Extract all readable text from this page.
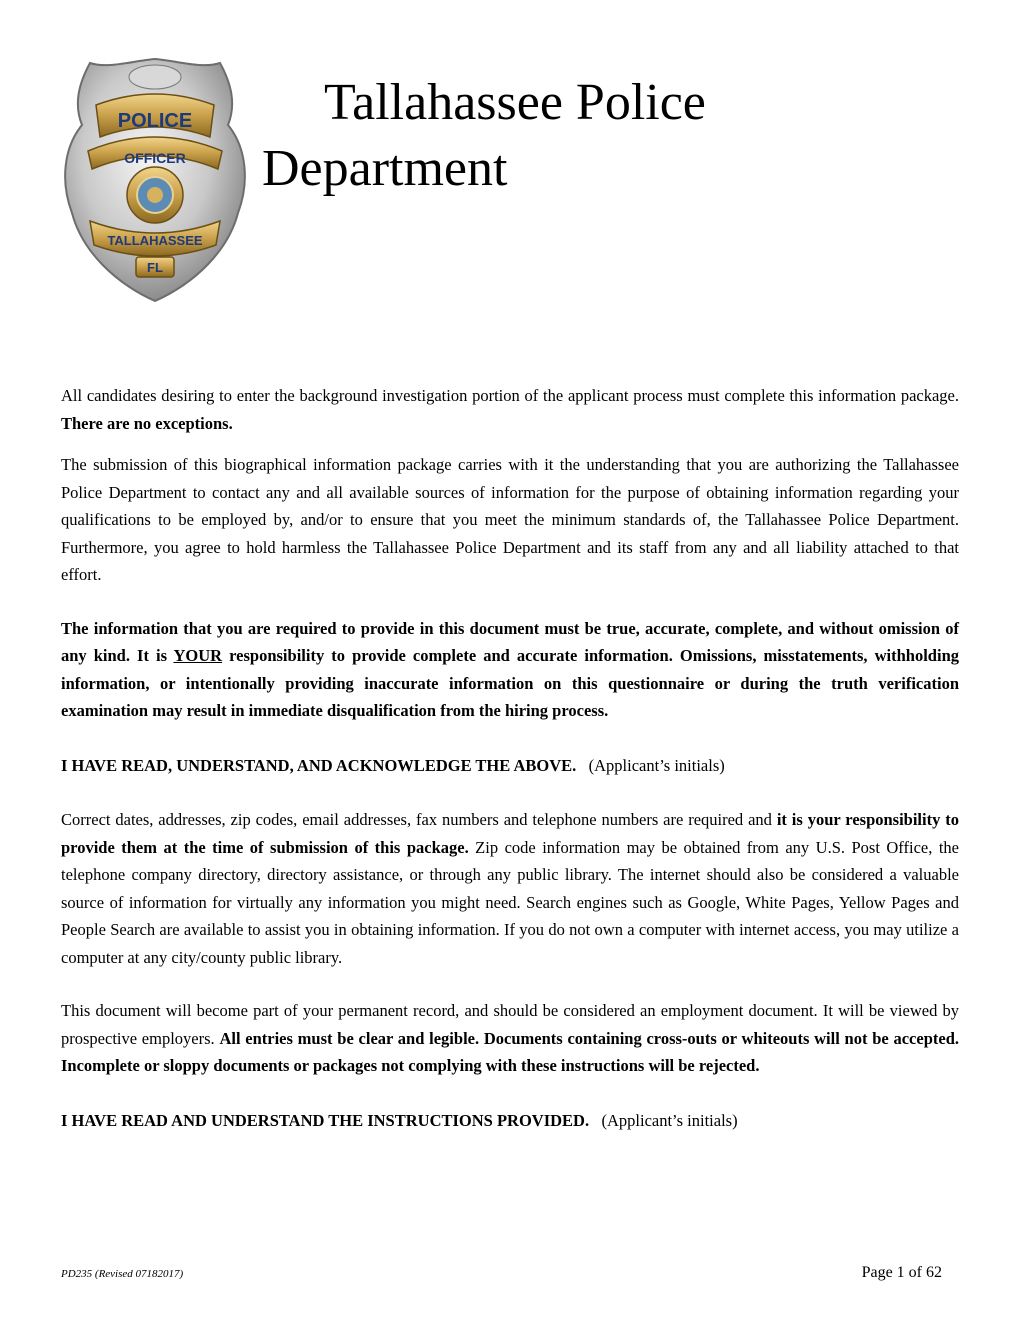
POLICE
OFFICER
TALLAHASSEE
FL
Tallahassee Police
Department

All candidates desiring to enter the background investigation portion of the applicant process must complete this information package. There are no exceptions.

The submission of this biographical information package carries with it the understanding that you are authorizing the Tallahassee Police Department to contact any and all available sources of information for the purpose of obtaining information regarding your qualifications to be employed by, and/or to ensure that you meet the minimum standards of, the Tallahassee Police Department. Furthermore, you agree to hold harmless the Tallahassee Police Department and its staff from any and all liability attached to that effort.

The information that you are required to provide in this document must be true, accurate, complete, and without omission of any kind. It is YOUR responsibility to provide complete and accurate information. Omissions, misstatements, withholding information, or intentionally providing inaccurate information on this questionnaire or during the truth verification examination may result in immediate disqualification from the hiring process.

I HAVE READ, UNDERSTAND, AND ACKNOWLEDGE THE ABOVE.   (Applicant’s initials)

Correct dates, addresses, zip codes, email addresses, fax numbers and telephone numbers are required and it is your responsibility to provide them at the time of submission of this package. Zip code information may be obtained from any U.S. Post Office, the telephone company directory, directory assistance, or through any public library. The internet should also be considered a valuable source of information for virtually any information you might need. Search engines such as Google, White Pages, Yellow Pages and People Search are available to assist you in obtaining information. If you do not own a computer with internet access, you may utilize a computer at any city/county public library.

This document will become part of your permanent record, and should be considered an employment document. It will be viewed by prospective employers. All entries must be clear and legible. Documents containing cross-outs or whiteouts will not be accepted. Incomplete or sloppy documents or packages not complying with these instructions will be rejected.

I HAVE READ AND UNDERSTAND THE INSTRUCTIONS PROVIDED.   (Applicant’s initials)

PD235 (Revised 07182017)	Page 1 of 62
